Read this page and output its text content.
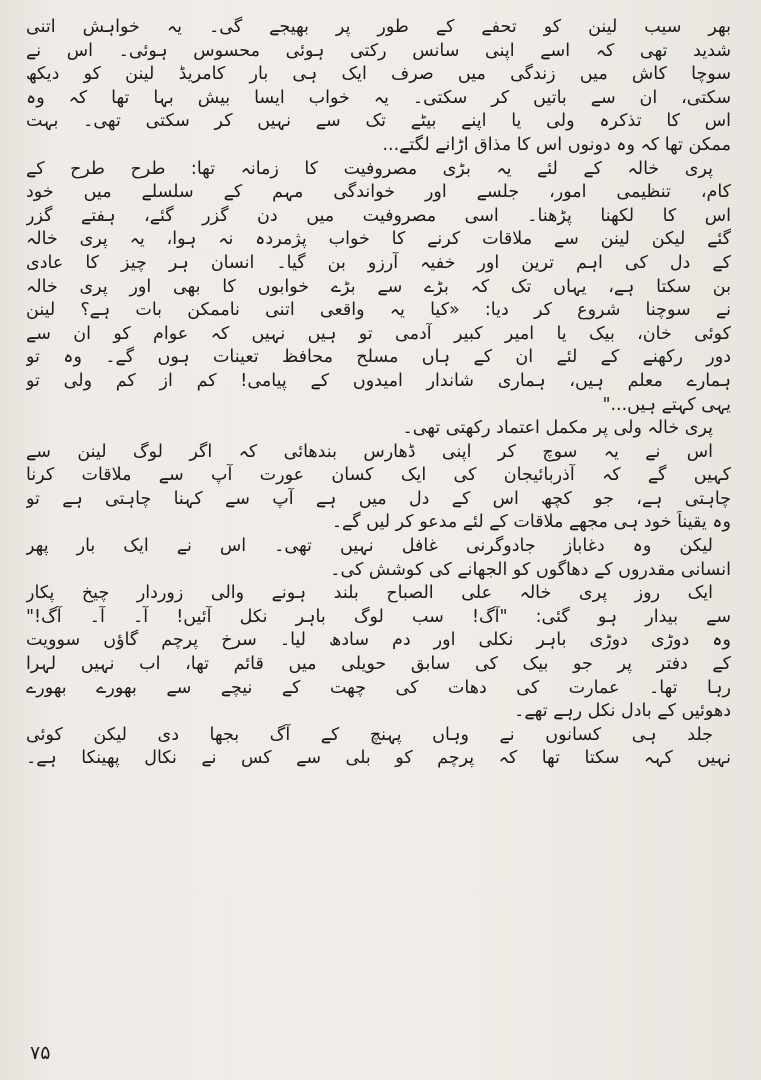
بھر سیب لینن کو تحفے کے طور پر بھیجے گی۔ یہ خواہش اتنی
شدید تھی کہ اسے اپنی سانس رکتی ہوئی محسوس ہوئی۔ اس نے
سوچا کاش میں زندگی میں صرف ایک ہی بار کامریڈ لینن کو دیکھ
سکتی، ان سے باتیں کر سکتی۔ یہ خواب ایسا بیش بہا تھا کہ وہ
اس کا تذکرہ ولی یا اپنے بیٹے تک سے نہیں کر سکتی تھی۔ بہت
ممکن تھا کہ وہ دونوں اس کا مذاق اڑانے لگتے...
پری خالہ کے لئے یہ بڑی مصروفیت کا زمانہ تھا: طرح طرح کے
کام، تنظیمی امور، جلسے اور خواندگی مہم کے سلسلے میں خود
اس کا لکھنا پڑھنا۔ اسی مصروفیت میں دن گزر گئے، ہفتے گزر
گئے لیکن لینن سے ملاقات کرنے کا خواب پژمردہ نہ ہوا، یہ پری خالہ
کے دل کی اہم ترین اور خفیہ آرزو بن گیا۔ انسان ہر چیز کا عادی
بن سکتا ہے، یہاں تک کہ بڑے سے بڑے خوابوں کا بھی اور پری خالہ
نے سوچنا شروع کر دیا: «کیا یہ واقعی اتنی ناممکن بات ہے؟ لینن
کوئی خان، بیک یا امیر کبیر آدمی تو ہیں نہیں کہ عوام کو ان سے
دور رکھنے کے لئے ان کے ہاں مسلح محافظ تعینات ہوں گے۔ وہ تو
ہمارے معلم ہیں، ہماری شاندار امیدوں کے پیامی! کم از کم ولی تو
یہی کہتے ہیں..."
پری خالہ ولی پر مکمل اعتماد رکھتی تھی۔
اس نے یہ سوچ کر اپنی ڈھارس بندھائی کہ اگر لوگ لینن سے
کہیں گے کہ آذربائیجان کی ایک کسان عورت آپ سے ملاقات کرنا
چاہتی ہے، جو کچھ اس کے دل میں ہے آپ سے کہنا چاہتی ہے تو
وہ یقیناً خود ہی مجھے ملاقات کے لئے مدعو کر لیں گے۔
لیکن وہ دغاباز جادوگرنی غافل نہیں تھی۔ اس نے ایک بار پھر
انسانی مقدروں کے دھاگوں کو الجھانے کی کوشش کی۔
ایک روز پری خالہ علی الصباح بلند ہونے والی زوردار چیخ پکار
سے بیدار ہو گئی: "آگ! سب لوگ باہر نکل آئیں! آ۔ آ۔ آگ!"
وہ دوڑی دوڑی باہر نکلی اور دم سادھ لیا۔ سرخ پرچم گاؤں سوویت
کے دفتر پر جو بیک کی سابق حویلی میں قائم تھا، اب نہیں لہرا
رہا تھا۔ عمارت کی دھات کی چھت کے نیچے سے بھورے بھورے
دھوئیں کے بادل نکل رہے تھے۔
جلد ہی کسانوں نے وہاں پہنچ کے آگ بجھا دی لیکن کوئی
نہیں کہہ سکتا تھا کہ پرچم کو بلی سے کس نے نکال پھینکا ہے۔
۷۵
